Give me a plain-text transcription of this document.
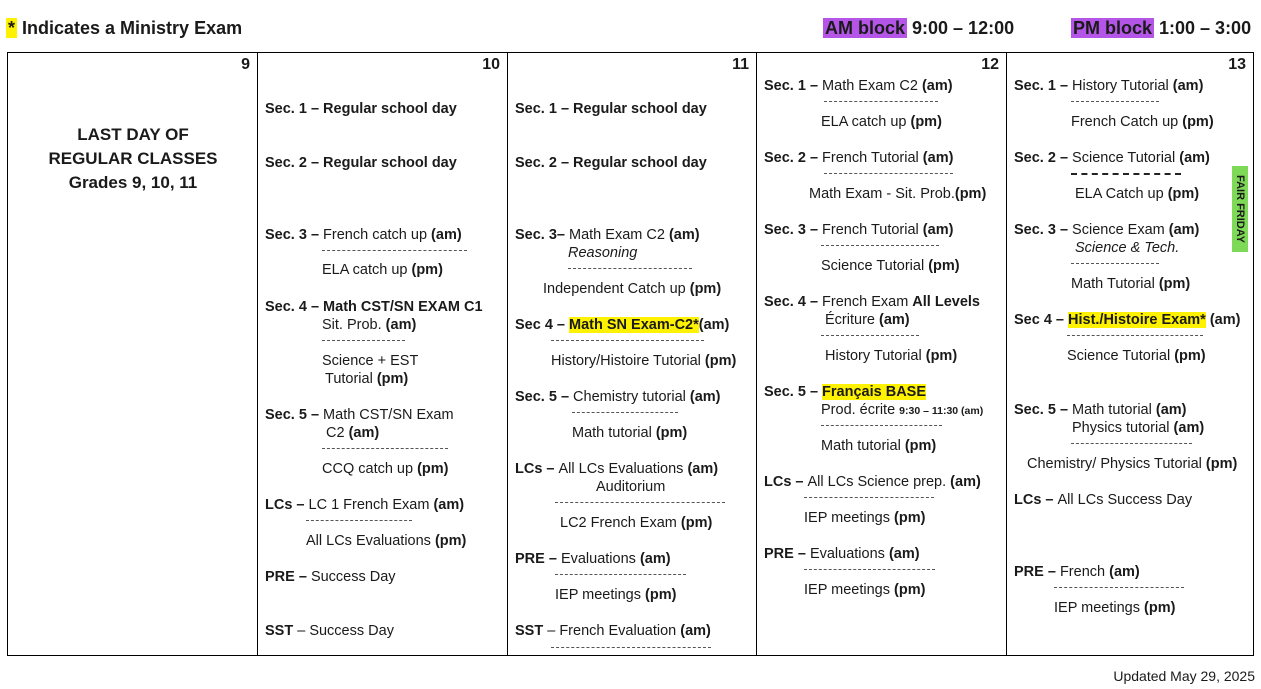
* Indicates a Ministry Exam	AM block 9:00 – 12:00	PM block 1:00 – 3:00
9
LAST DAY OF
REGULAR CLASSES
Grades 9, 10, 11
10
Sec. 1 – Regular school day
Sec. 2 – Regular school day
Sec. 3 – French catch up (am)
ELA catch up (pm)
Sec. 4 – Math CST/SN EXAM C1
Sit. Prob. (am)
Science + EST
Tutorial (pm)
Sec. 5 – Math CST/SN Exam
C2 (am)
CCQ catch up (pm)
LCs – LC 1 French Exam (am)
All LCs Evaluations (pm)
PRE – Success Day
SST – Success Day
11
Sec. 1 – Regular school day
Sec. 2 – Regular school day
Sec. 3– Math Exam C2 (am)
Reasoning
Independent Catch up (pm)
Sec 4 – Math SN Exam-C2*(am)
History/Histoire Tutorial (pm)
Sec. 5 – Chemistry tutorial (am)
Math tutorial (pm)
LCs – All LCs Evaluations (am)
Auditorium
LC2 French Exam (pm)
PRE – Evaluations (am)
IEP meetings (pm)
SST – French Evaluation (am)
12
Sec. 1 – Math Exam C2 (am)
ELA catch up (pm)
Sec. 2 – French Tutorial (am)
Math Exam - Sit. Prob.(pm)
Sec. 3 – French Tutorial (am)
Science Tutorial (pm)
Sec. 4 – French Exam All Levels
Écriture (am)
History Tutorial (pm)
Sec. 5 – Français BASE
Prod. écrite 9:30 – 11:30 (am)
Math tutorial (pm)
LCs – All LCs Science prep. (am)
IEP meetings (pm)
PRE – Evaluations (am)
IEP meetings (pm)
13
Sec. 1 – History Tutorial (am)
French Catch up (pm)
Sec. 2 – Science Tutorial (am)
ELA Catch up (pm)
Sec. 3 – Science Exam (am)
Science & Tech.
Math Tutorial (pm)
Sec 4 – Hist./Histoire Exam* (am)
Science Tutorial (pm)
Sec. 5 – Math tutorial (am)
Physics tutorial (am)
Chemistry/ Physics Tutorial (pm)
LCs – All LCs Success Day
PRE – French (am)
IEP meetings (pm)
FAIR FRIDAY
Updated May 29, 2025
